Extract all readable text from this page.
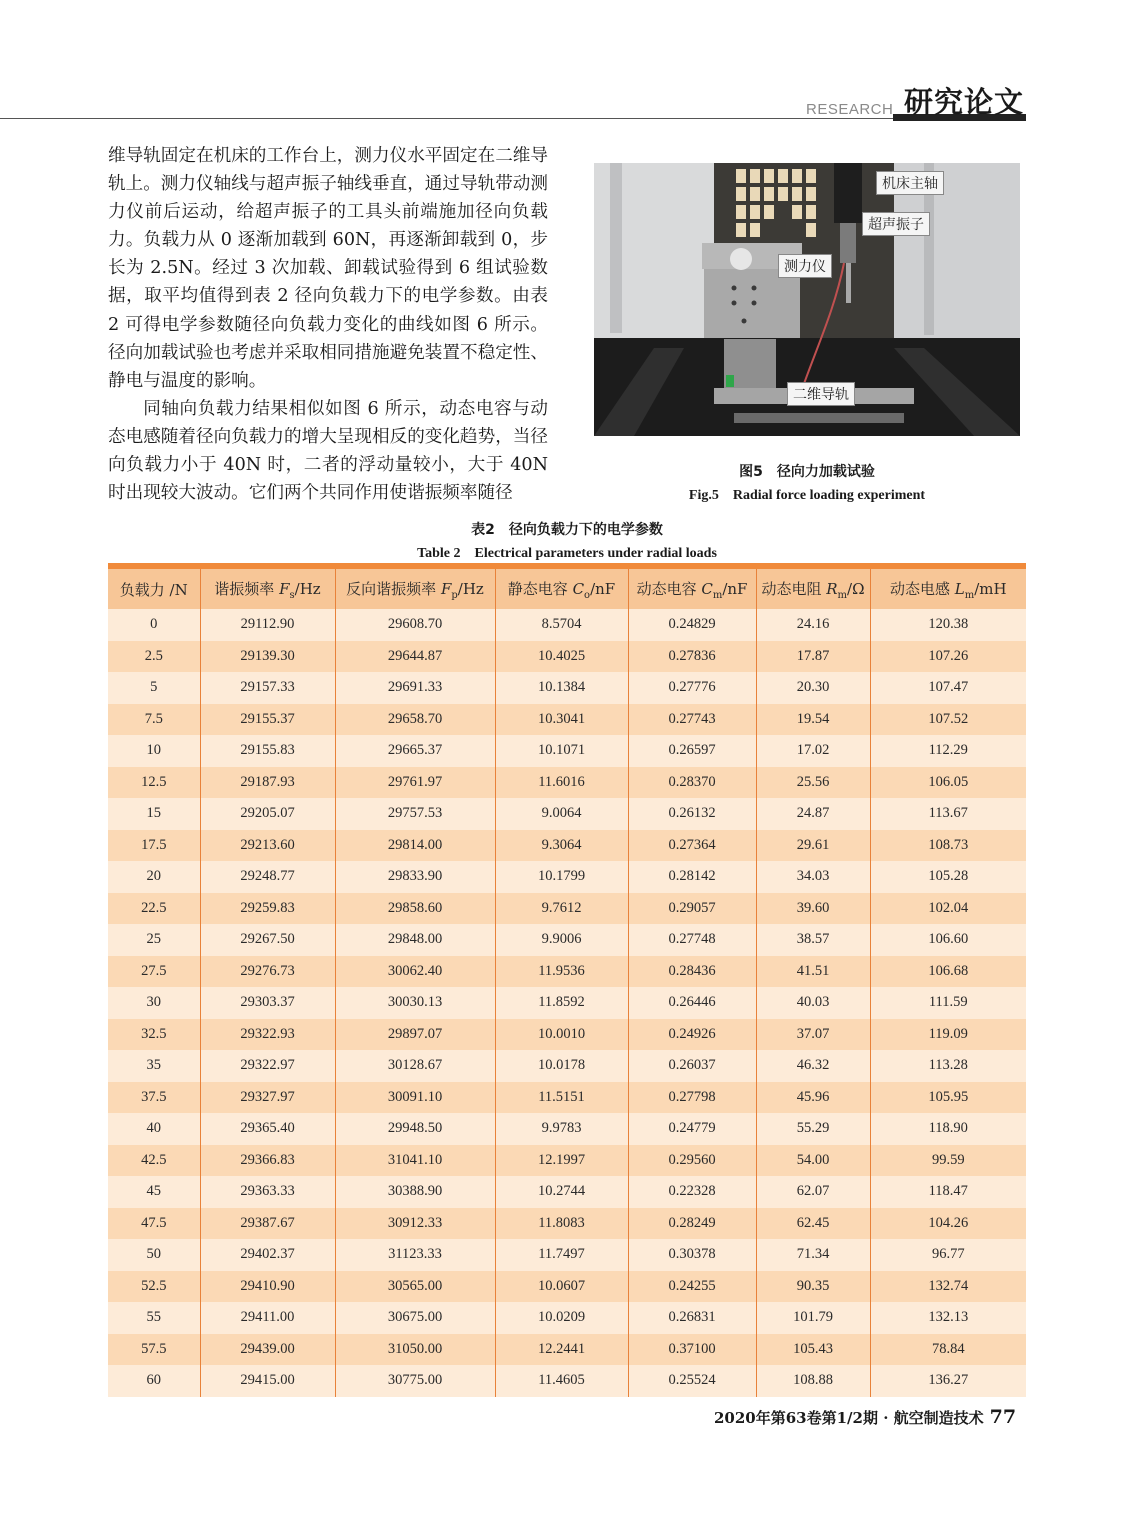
RESEARCH 研究论文

维导轨固定在机床的工作台上，测力仪水平固定在二维导轨上。测力仪轴线与超声振子轴线垂直，通过导轨带动测力仪前后运动，给超声振子的工具头前端施加径向负载力。负载力从 0 逐渐加载到 60N，再逐渐卸载到 0，步长为 2.5N。经过 3 次加载、卸载试验得到 6 组试验数据，取平均值得到表 2 径向负载力下的电学参数。由表 2 可得电学参数随径向负载力变化的曲线如图 6 所示。径向加载试验也考虑并采取相同措施避免装置不稳定性、静电与温度的影响。

同轴向负载力结果相似如图 6 所示，动态电容与动态电感随着径向负载力的增大呈现相反的变化趋势，当径向负载力小于 40N 时，二者的浮动量较小，大于 40N 时出现较大波动。它们两个共同作用使谐振频率随径

机床主轴
超声振子
测力仪
二维导轨
图5　径向力加载试验
Fig.5　Radial force loading experiment
表2　径向负载力下的电学参数
Table 2　Electrical parameters under radial loads
负载力 /N	谐振频率 $F_s/Hz$	反向谐振频率 $F_p/Hz$	静态电容 $C_o/nF$	动态电容 $C_m/nF$	动态电阻 $R_m/\Omega$	动态电感 $L_m/mH$
0	29112.90	29608.70	8.5704	0.24829	24.16	120.38
2.5	29139.30	29644.87	10.4025	0.27836	17.87	107.26
5	29157.33	29691.33	10.1384	0.27776	20.30	107.47
7.5	29155.37	29658.70	10.3041	0.27743	19.54	107.52
10	29155.83	29665.37	10.1071	0.26597	17.02	112.29
12.5	29187.93	29761.97	11.6016	0.28370	25.56	106.05
15	29205.07	29757.53	9.0064	0.26132	24.87	113.67
17.5	29213.60	29814.00	9.3064	0.27364	29.61	108.73
20	29248.77	29833.90	10.1799	0.28142	34.03	105.28
22.5	29259.83	29858.60	9.7612	0.29057	39.60	102.04
25	29267.50	29848.00	9.9006	0.27748	38.57	106.60
27.5	29276.73	30062.40	11.9536	0.28436	41.51	106.68
30	29303.37	30030.13	11.8592	0.26446	40.03	111.59
32.5	29322.93	29897.07	10.0010	0.24926	37.07	119.09
35	29322.97	30128.67	10.0178	0.26037	46.32	113.28
37.5	29327.97	30091.10	11.5151	0.27798	45.96	105.95
40	29365.40	29948.50	9.9783	0.24779	55.29	118.90
42.5	29366.83	31041.10	12.1997	0.29560	54.00	99.59
45	29363.33	30388.90	10.2744	0.22328	62.07	118.47
47.5	29387.67	30912.33	11.8083	0.28249	62.45	104.26
50	29402.37	31123.33	11.7497	0.30378	71.34	96.77
52.5	29410.90	30565.00	10.0607	0.24255	90.35	132.74
55	29411.00	30675.00	10.0209	0.26831	101.79	132.13
57.5	29439.00	31050.00	12.2441	0.37100	105.43	78.84
60	29415.00	30775.00	11.4605	0.25524	108.88	136.27
2020年第63卷第1/2期 · 航空制造技术 77
